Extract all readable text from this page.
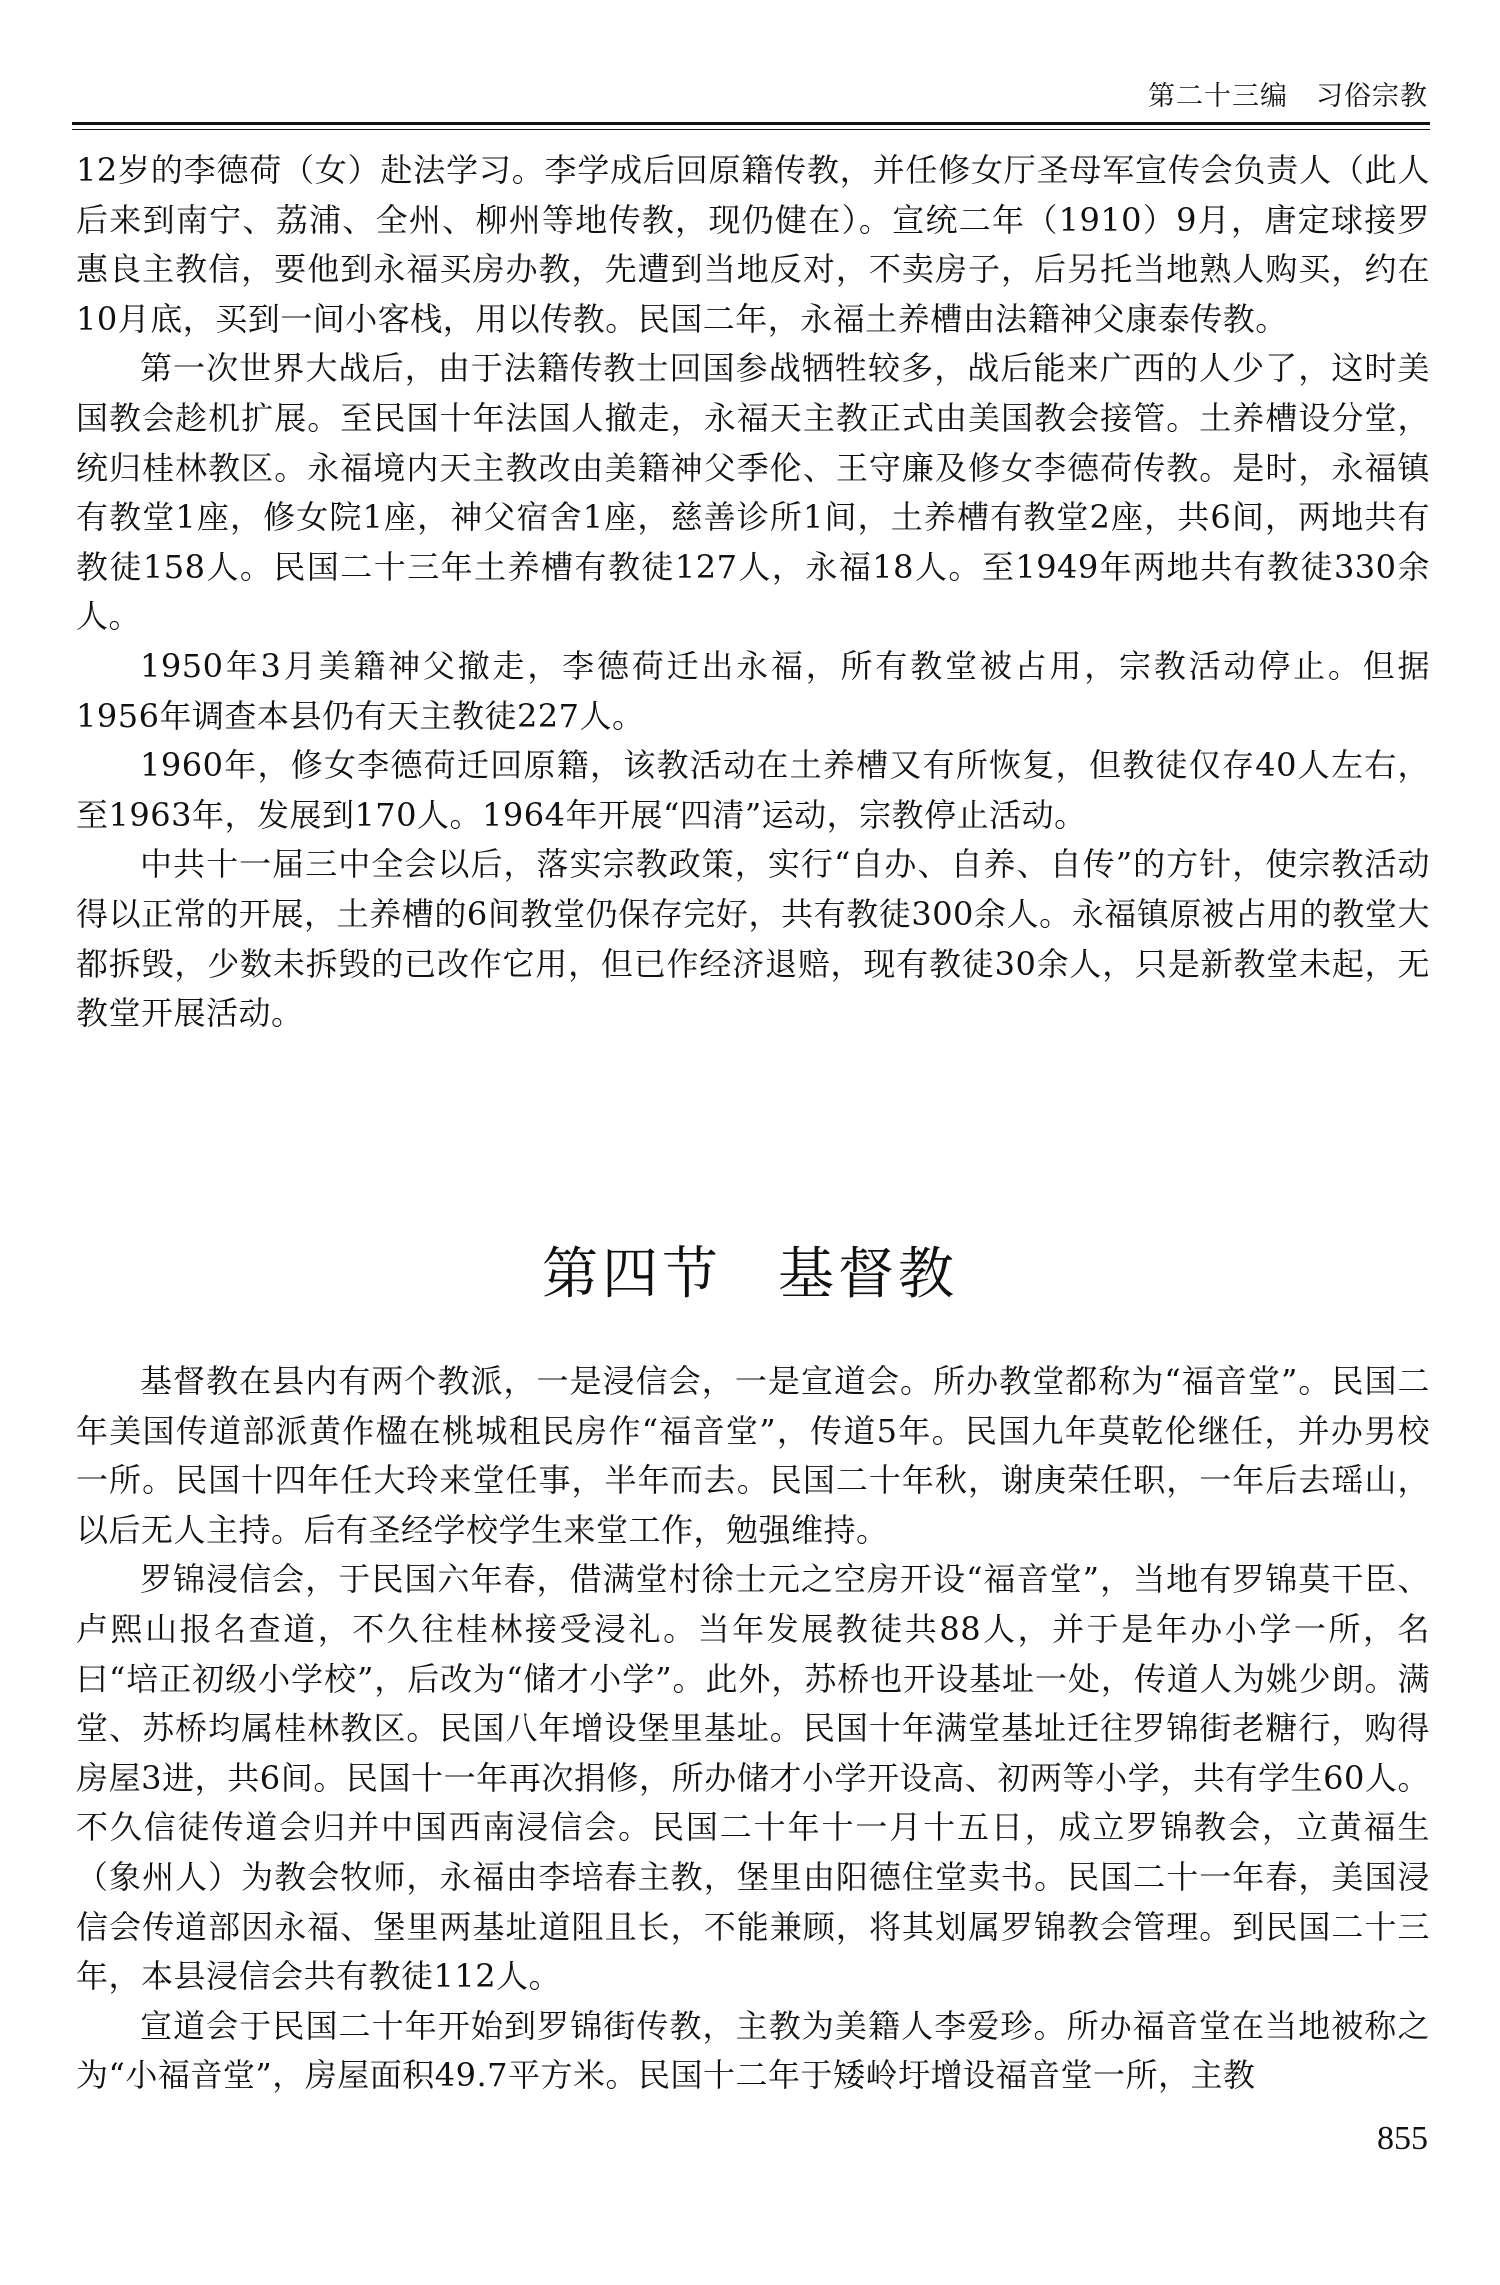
第二十三编　习俗宗教

12岁的李德荷（女）赴法学习。李学成后回原籍传教，并任修女厅圣母军宣传会负责人（此人后来到南宁、荔浦、全州、柳州等地传教，现仍健在）。宣统二年（1910）9月，唐定球接罗惠良主教信，要他到永福买房办教，先遭到当地反对，不卖房子，后另托当地熟人购买，约在10月底，买到一间小客栈，用以传教。民国二年，永福土养槽由法籍神父康泰传教。

第一次世界大战后，由于法籍传教士回国参战牺牲较多，战后能来广西的人少了，这时美国教会趁机扩展。至民国十年法国人撤走，永福天主教正式由美国教会接管。土养槽设分堂，统归桂林教区。永福境内天主教改由美籍神父季伦、王守廉及修女李德荷传教。是时，永福镇有教堂1座，修女院1座，神父宿舍1座，慈善诊所1间，土养槽有教堂2座，共6间，两地共有教徒158人。民国二十三年土养槽有教徒127人，永福18人。至1949年两地共有教徒330余人。

1950年3月美籍神父撤走，李德荷迁出永福，所有教堂被占用，宗教活动停止。但据1956年调查本县仍有天主教徒227人。

1960年，修女李德荷迁回原籍，该教活动在土养槽又有所恢复，但教徒仅存40人左右，至1963年，发展到170人。1964年开展“四清”运动，宗教停止活动。

中共十一届三中全会以后，落实宗教政策，实行“自办、自养、自传”的方针，使宗教活动得以正常的开展，土养槽的6间教堂仍保存完好，共有教徒300余人。永福镇原被占用的教堂大都拆毁，少数未拆毁的已改作它用，但已作经济退赔，现有教徒30余人，只是新教堂未起，无教堂开展活动。

第四节 基督教

基督教在县内有两个教派，一是浸信会，一是宣道会。所办教堂都称为“福音堂”。民国二年美国传道部派黄作楹在桃城租民房作“福音堂”，传道5年。民国九年莫乾伦继任，并办男校一所。民国十四年任大玲来堂任事，半年而去。民国二十年秋，谢庚荣任职，一年后去瑶山，以后无人主持。后有圣经学校学生来堂工作，勉强维持。

罗锦浸信会，于民国六年春，借满堂村徐士元之空房开设“福音堂”，当地有罗锦莫干臣、卢熙山报名查道，不久往桂林接受浸礼。当年发展教徒共88人，并于是年办小学一所，名曰“培正初级小学校”，后改为“储才小学”。此外，苏桥也开设基址一处，传道人为姚少朗。满堂、苏桥均属桂林教区。民国八年增设堡里基址。民国十年满堂基址迁往罗锦街老糖行，购得房屋3进，共6间。民国十一年再次捐修，所办储才小学开设高、初两等小学，共有学生60人。不久信徒传道会归并中国西南浸信会。民国二十年十一月十五日，成立罗锦教会，立黄福生（象州人）为教会牧师，永福由李培春主教，堡里由阳德住堂卖书。民国二十一年春，美国浸信会传道部因永福、堡里两基址道阻且长，不能兼顾，将其划属罗锦教会管理。到民国二十三年，本县浸信会共有教徒112人。

宣道会于民国二十年开始到罗锦街传教，主教为美籍人李爱珍。所办福音堂在当地被称之为“小福音堂”，房屋面积49.7平方米。民国十二年于矮岭圩增设福音堂一所，主教

855
